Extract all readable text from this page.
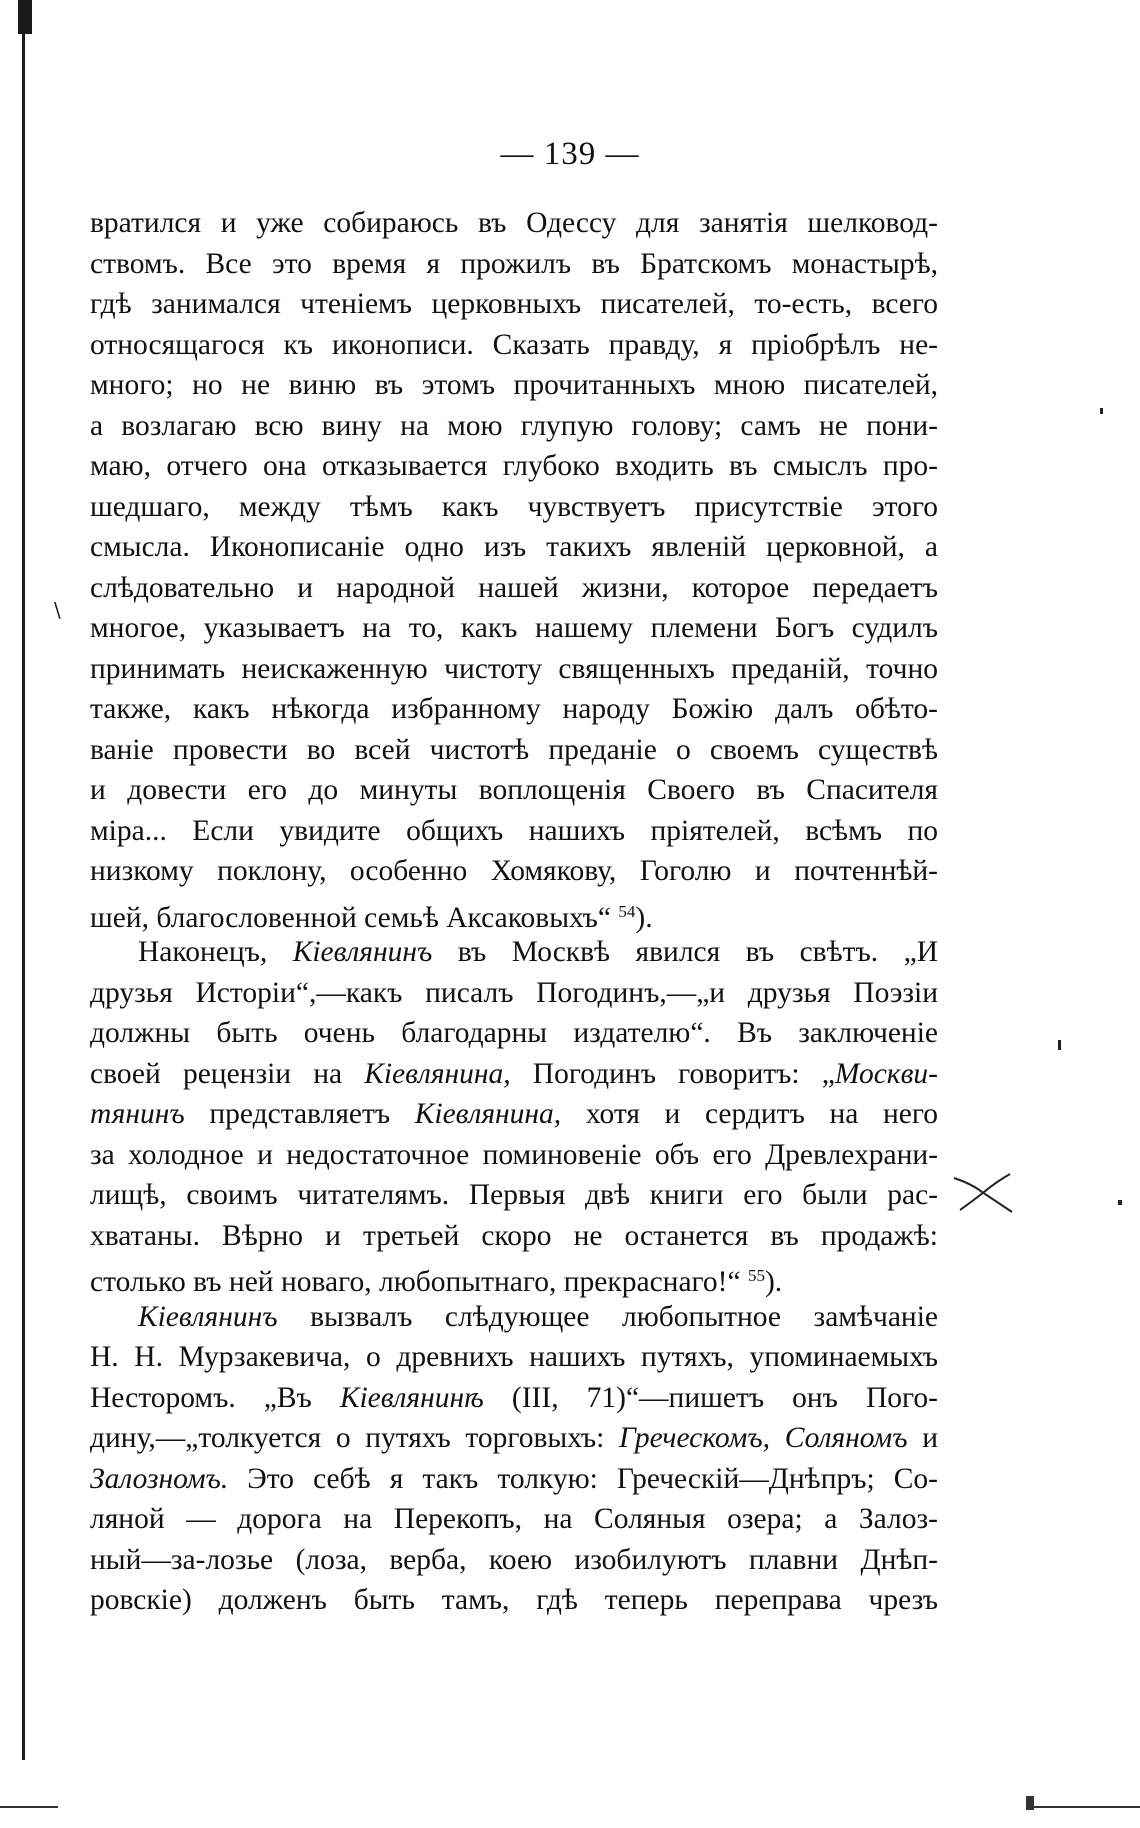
— 139 —
\
вратился и уже собираюсь въ Одессу для занятія шелковод-
ствомъ. Все это время я прожилъ въ Братскомъ монастырѣ,
гдѣ занимался чтеніемъ церковныхъ писателей, то-есть, всего
относящагося къ иконописи. Сказать правду, я пріобрѣлъ не-
много; но не виню въ этомъ прочитанныхъ мною писателей,
а возлагаю всю вину на мою глупую голову; самъ не пони-
маю, отчего она отказывается глубоко входить въ смыслъ про-
шедшаго, между тѣмъ какъ чувствуетъ присутствіе этого
смысла. Иконописаніе одно изъ такихъ явленій церковной, а
слѣдовательно и народной нашей жизни, которое передаетъ
многое, указываетъ на то, какъ нашему племени Богъ судилъ
принимать неискаженную чистоту священныхъ преданій, точно
также, какъ нѣкогда избранному народу Божію далъ обѣто-
ваніе провести во всей чистотѣ преданіе о своемъ существѣ
и довести его до минуты воплощенія Своего въ Спасителя
міра... Если увидите общихъ нашихъ пріятелей, всѣмъ по
низкому поклону, особенно Хомякову, Гоголю и почтеннѣй-
шей, благословенной семьѣ Аксаковыхъ“ $^{54}$).
Наконецъ, Кіевлянинъ въ Москвѣ явился въ свѣтъ. „И
друзья Исторіи“,—какъ писалъ Погодинъ,—„и друзья Поэзіи
должны быть очень благодарны издателю“. Въ заключеніе
своей рецензіи на Кіевлянина, Погодинъ говоритъ: „Москви-
тянинъ представляетъ Кіевлянина, хотя и сердитъ на него
за холодное и недостаточное поминовеніе объ его Древлехрани-
лищѣ, своимъ читателямъ. Первыя двѣ книги его были рас-
хватаны. Вѣрно и третьей скоро не останется въ продажѣ:
столько въ ней новаго, любопытнаго, прекраснаго!“ $^{55}$).
Кіевлянинъ вызвалъ слѣдующее любопытное замѣчаніе
Н. Н. Мурзакевича, о древнихъ нашихъ путяхъ, упоминаемыхъ
Несторомъ. „Въ Кіевлянинѣ (III, 71)“—пишетъ онъ Пого-
дину,—„толкуется о путяхъ торговыхъ: Греческомъ, Соляномъ и
Залозномъ. Это себѣ я такъ толкую: Греческій—Днѣпръ; Со-
ляной — дорога на Перекопъ, на Соляныя озера; а Залоз-
ный—за-лозье (лоза, верба, коею изобилуютъ плавни Днѣп-
ровскіе) долженъ быть тамъ, гдѣ теперь переправа чрезъ
